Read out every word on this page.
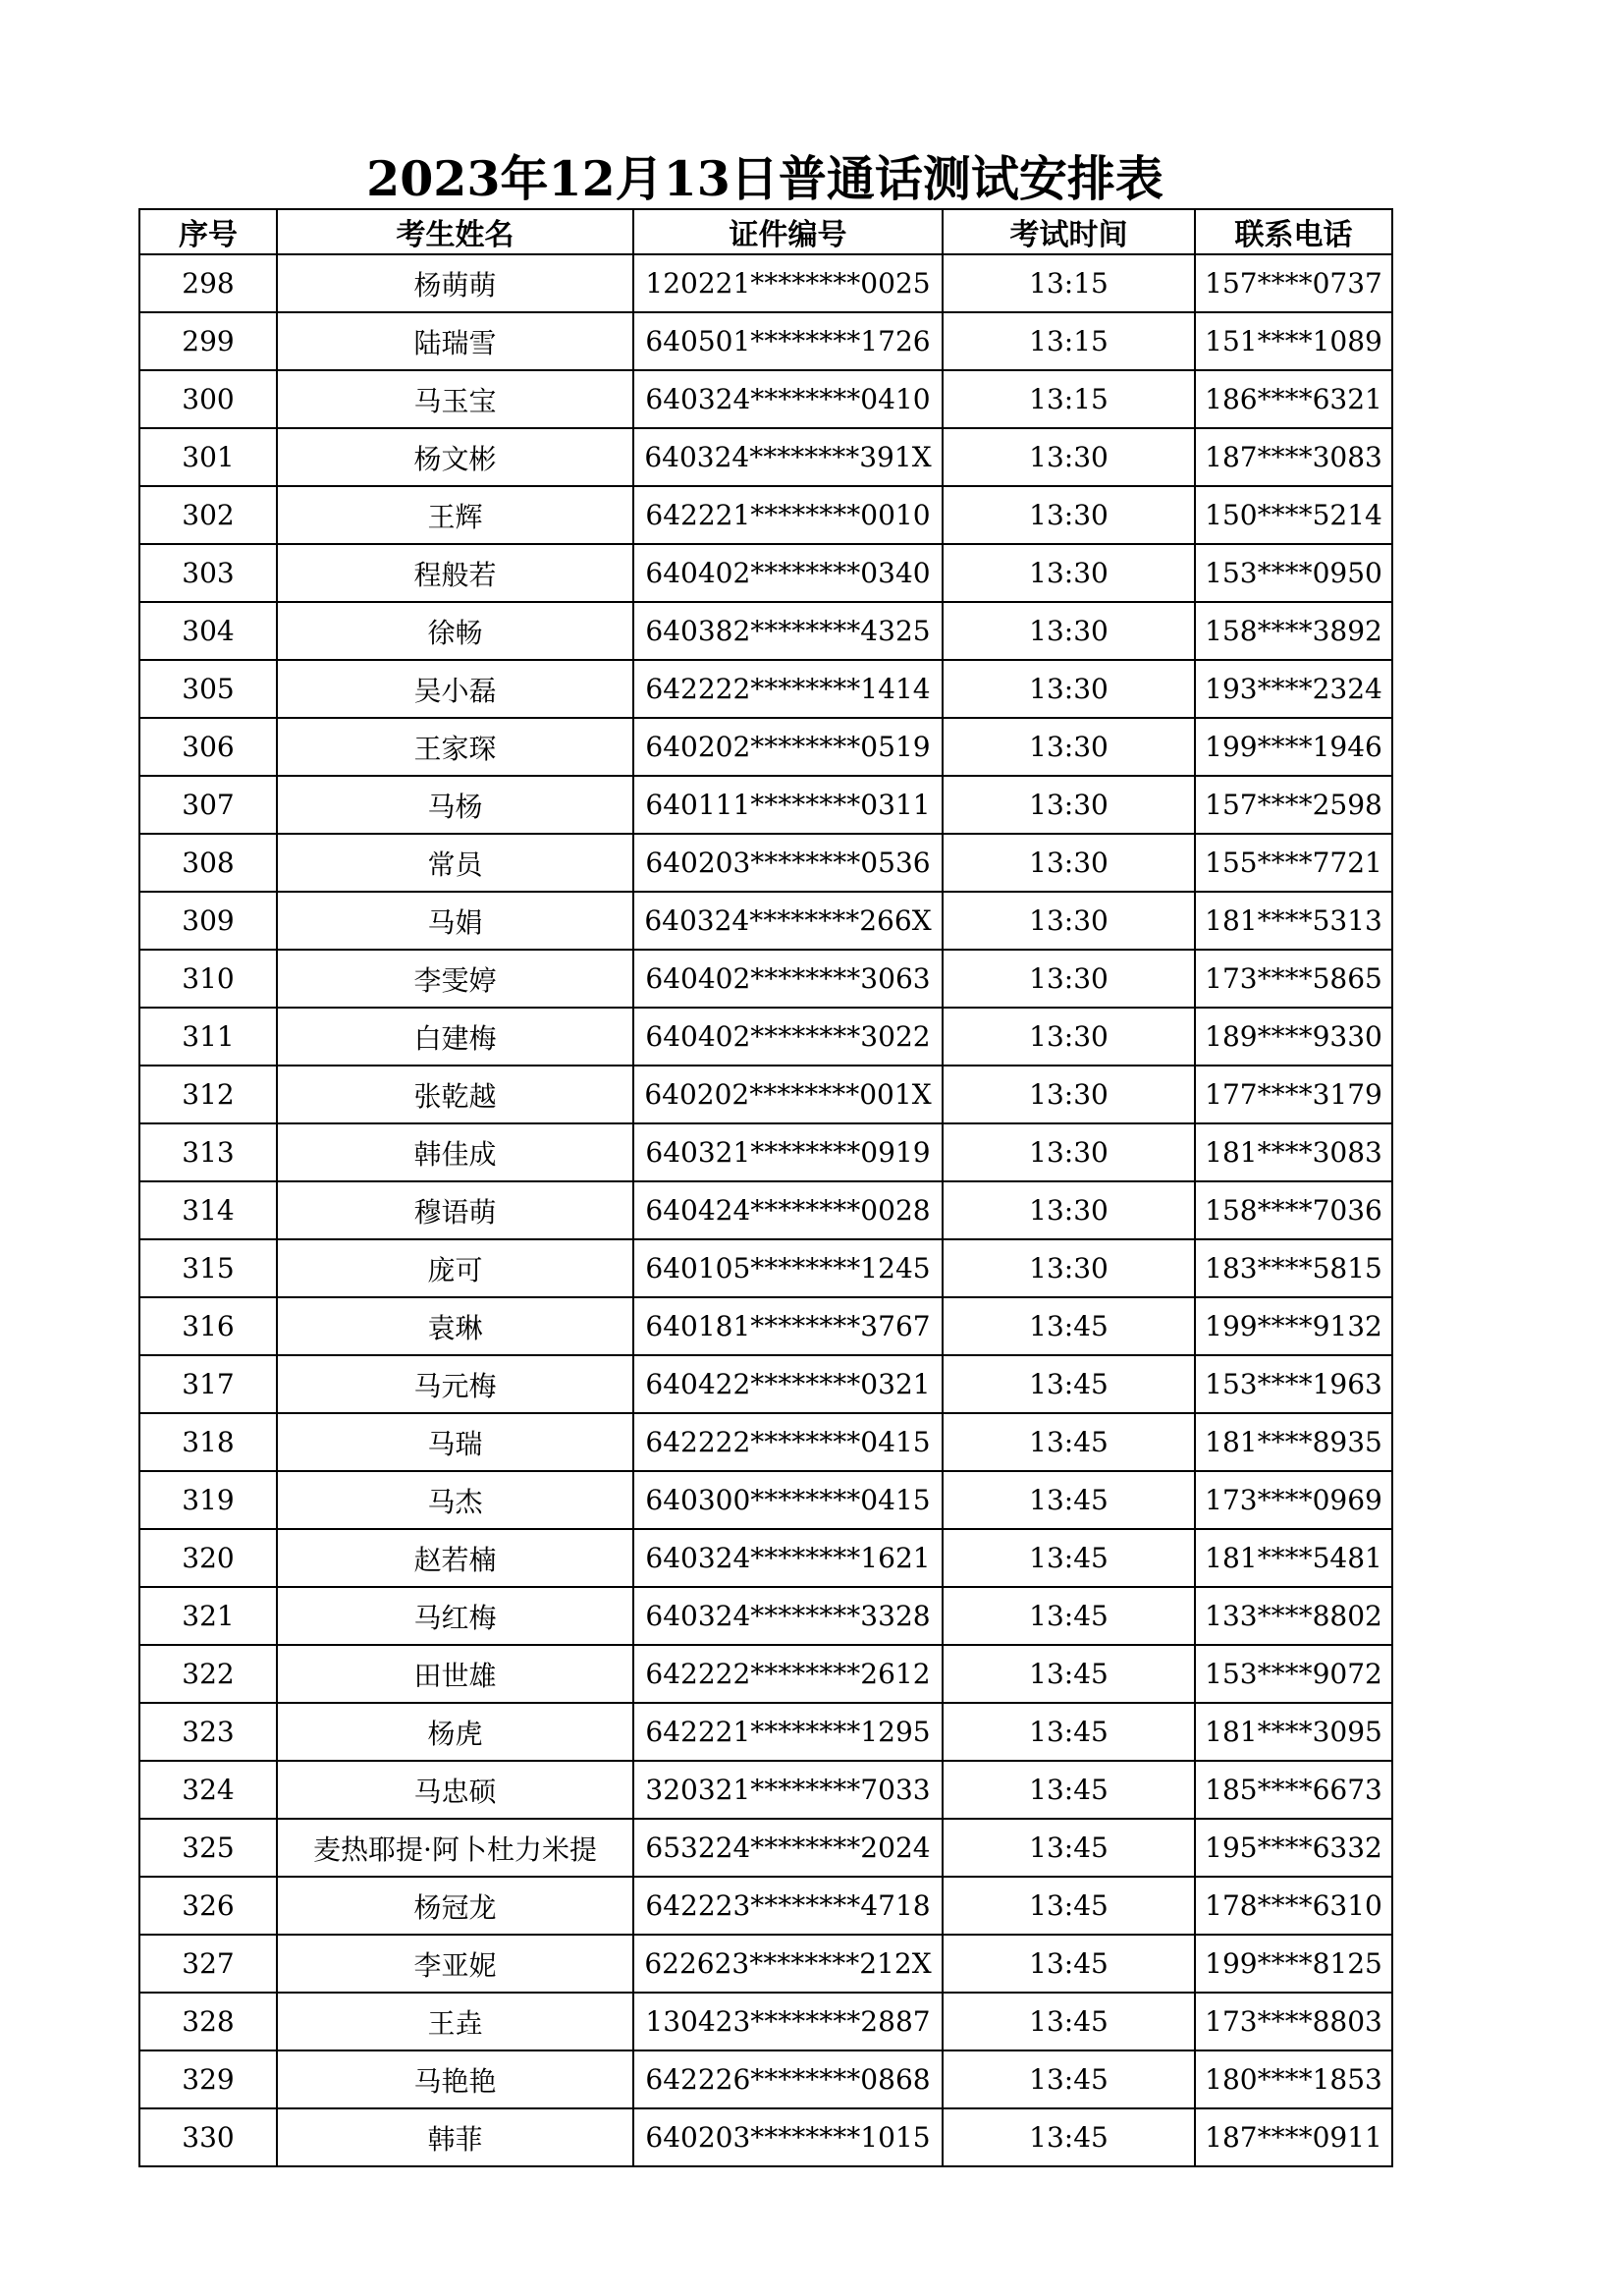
2023年12月13日普通话测试安排表
序号	考生姓名	证件编号	考试时间	联系电话
298	杨萌萌	120221********0025	13:15	157****0737
299	陆瑞雪	640501********1726	13:15	151****1089
300	马玉宝	640324********0410	13:15	186****6321
301	杨文彬	640324********391X	13:30	187****3083
302	王辉	642221********0010	13:30	150****5214
303	程般若	640402********0340	13:30	153****0950
304	徐畅	640382********4325	13:30	158****3892
305	吴小磊	642222********1414	13:30	193****2324
306	王家琛	640202********0519	13:30	199****1946
307	马杨	640111********0311	13:30	157****2598
308	常员	640203********0536	13:30	155****7721
309	马娟	640324********266X	13:30	181****5313
310	李雯婷	640402********3063	13:30	173****5865
311	白建梅	640402********3022	13:30	189****9330
312	张乾越	640202********001X	13:30	177****3179
313	韩佳成	640321********0919	13:30	181****3083
314	穆语萌	640424********0028	13:30	158****7036
315	庞可	640105********1245	13:30	183****5815
316	袁琳	640181********3767	13:45	199****9132
317	马元梅	640422********0321	13:45	153****1963
318	马瑞	642222********0415	13:45	181****8935
319	马杰	640300********0415	13:45	173****0969
320	赵若楠	640324********1621	13:45	181****5481
321	马红梅	640324********3328	13:45	133****8802
322	田世雄	642222********2612	13:45	153****9072
323	杨虎	642221********1295	13:45	181****3095
324	马忠硕	320321********7033	13:45	185****6673
325	麦热耶提·阿卜杜力米提	653224********2024	13:45	195****6332
326	杨冠龙	642223********4718	13:45	178****6310
327	李亚妮	622623********212X	13:45	199****8125
328	王垚	130423********2887	13:45	173****8803
329	马艳艳	642226********0868	13:45	180****1853
330	韩菲	640203********1015	13:45	187****0911
